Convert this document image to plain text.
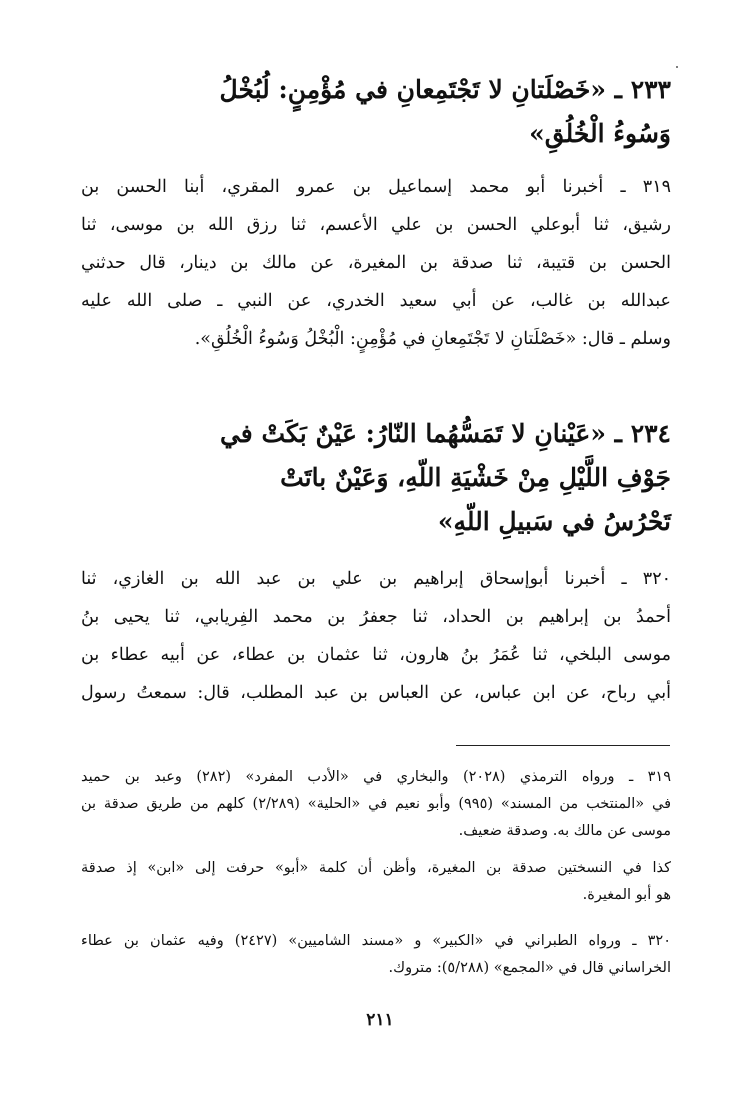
٢٣٣ ـ «خَصْلَتانِ لا تَجْتَمِعانِ في مُؤْمِنٍ: لُبُخْلُ
وَسُوءُ الْخُلُقِ»
٣١٩ ـ أخبرنا أبو محمد إسماعيل بن عمرو المقري، أبنا الحسن بن
رشيق، ثنا أبوعلي الحسن بن علي الأعسم، ثنا رزق الله بن موسى، ثنا
الحسن بن قتيبة، ثنا صدقة بن المغيرة، عن مالك بن دينار، قال حدثني
عبدالله بن غالب، عن أبي سعيد الخدري، عن النبي ـ صلى الله عليه
وسلم ـ قال: «خَصْلَتانِ لا تَجْتَمِعانِ في مُؤْمِنٍ: الْبُخْلُ وَسُوءُ الْخُلُقِ».
٢٣٤ ـ «عَيْنانِ لا تَمَسُّهُما النّارُ: عَيْنٌ بَكَتْ في
جَوْفِ اللَّيْلِ مِنْ خَشْيَةِ اللّهِ، وَعَيْنٌ باتَتْ
تَحْرُسُ في سَبيلِ اللّهِ»
٣٢٠ ـ أخبرنا أبوإسحاق إبراهيم بن علي بن عبد الله بن الغازي، ثنا
أحمدُ بن إبراهيم بن الحداد، ثنا جعفرُ بن محمد الفِريابي، ثنا يحيى بنُ
موسى البلخي، ثنا عُمَرُ بنُ هارون، ثنا عثمان بن عطاء، عن أبيه عطاء بن
أبي رباح، عن ابن عباس، عن العباس بن عبد المطلب، قال: سمعتُ رسول
٣١٩ ـ ورواه الترمذي (٢٠٢٨) والبخاري في «الأدب المفرد» (٢٨٢) وعبد بن حميد
في «المنتخب من المسند» (٩٩٥) وأبو نعيم في «الحلية» (٢/٢٨٩) كلهم من طريق صدقة بن
موسى عن مالك به. وصدقة ضعيف.
كذا في النسختين صدقة بن المغيرة، وأظن أن كلمة «أبو» حرفت إلى «ابن» إذ صدقة
هو أبو المغيرة.
٣٢٠ ـ ورواه الطبراني في «الكبير» و «مسند الشاميين» (٢٤٢٧) وفيه عثمان بن عطاء
الخراساني قال في «المجمع» (٥/٢٨٨): متروك.
٢١١
